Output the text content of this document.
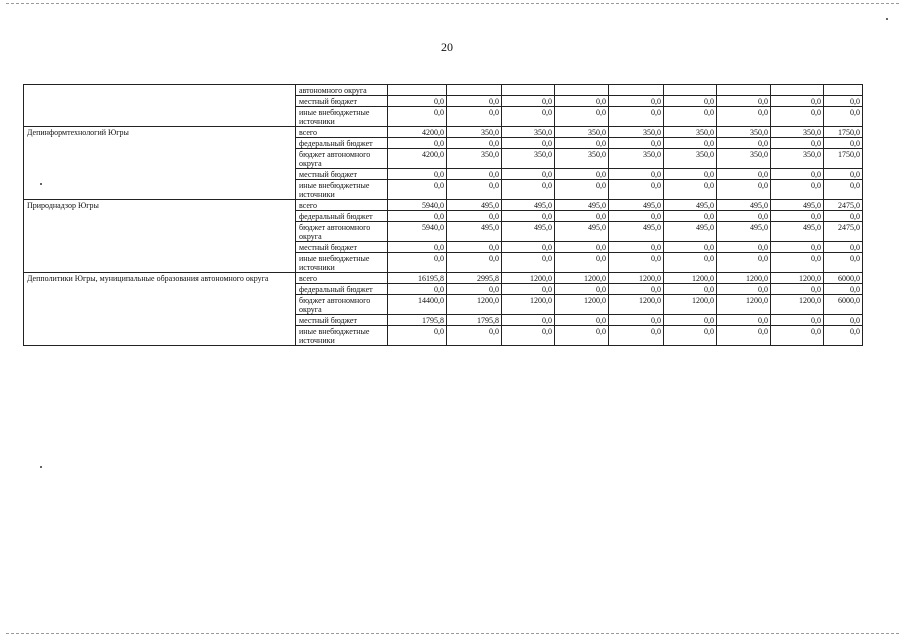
20
	автономного округа									
	местный бюджет	0,0	0,0	0,0	0,0	0,0	0,0	0,0	0,0	0,0
	иные внебюджетные источники	0,0	0,0	0,0	0,0	0,0	0,0	0,0	0,0	0,0
Депинформтехнологий Югры	всего	4200,0	350,0	350,0	350,0	350,0	350,0	350,0	350,0	1750,0
	федеральный бюджет	0,0	0,0	0,0	0,0	0,0	0,0	0,0	0,0	0,0
	бюджет автономного округа	4200,0	350,0	350,0	350,0	350,0	350,0	350,0	350,0	1750,0
	местный бюджет	0,0	0,0	0,0	0,0	0,0	0,0	0,0	0,0	0,0
	иные внебюджетные источники	0,0	0,0	0,0	0,0	0,0	0,0	0,0	0,0	0,0
Природнадзор Югры	всего	5940,0	495,0	495,0	495,0	495,0	495,0	495,0	495,0	2475,0
	федеральный бюджет	0,0	0,0	0,0	0,0	0,0	0,0	0,0	0,0	0,0
	бюджет автономного округа	5940,0	495,0	495,0	495,0	495,0	495,0	495,0	495,0	2475,0
	местный бюджет	0,0	0,0	0,0	0,0	0,0	0,0	0,0	0,0	0,0
	иные внебюджетные источники	0,0	0,0	0,0	0,0	0,0	0,0	0,0	0,0	0,0
Депполитики Югры, муниципальные образования автономного округа	всего	16195,8	2995,8	1200,0	1200,0	1200,0	1200,0	1200,0	1200,0	6000,0
	федеральный бюджет	0,0	0,0	0,0	0,0	0,0	0,0	0,0	0,0	0,0
	бюджет автономного округа	14400,0	1200,0	1200,0	1200,0	1200,0	1200,0	1200,0	1200,0	6000,0
	местный бюджет	1795,8	1795,8	0,0	0,0	0,0	0,0	0,0	0,0	0,0
	иные внебюджетные источники	0,0	0,0	0,0	0,0	0,0	0,0	0,0	0,0	0,0
